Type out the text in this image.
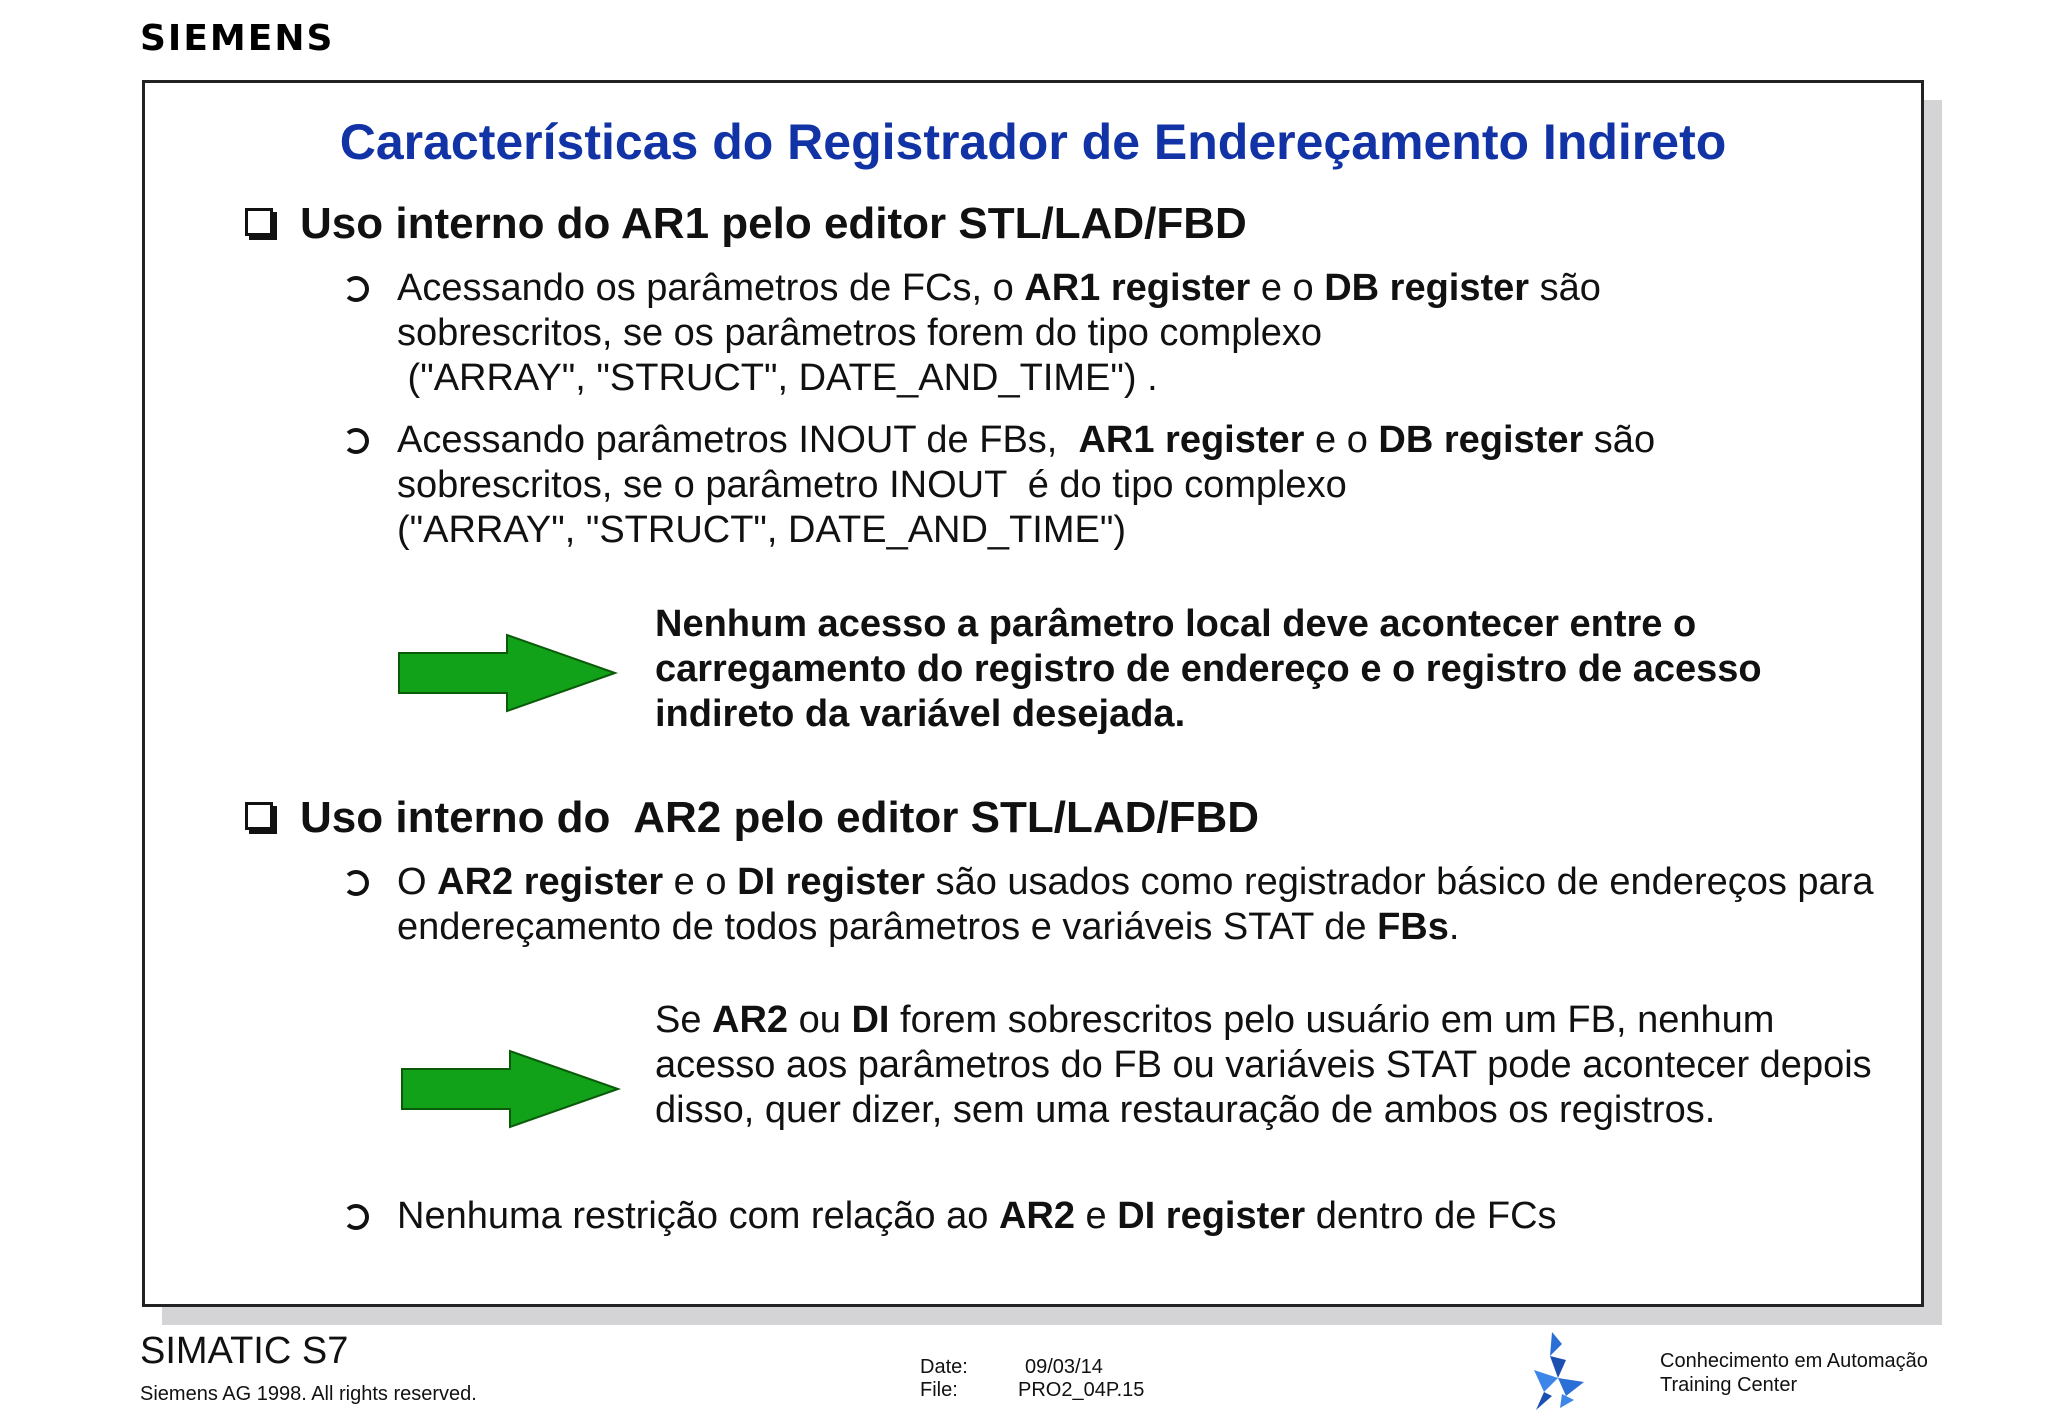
SIEMENS
Características do Registrador de Endereçamento Indireto
Uso interno do AR1 pelo editor STL/LAD/FBD
Acessando os parâmetros de FCs, o AR1 register e o DB register são sobrescritos, se os parâmetros forem do tipo complexo
("ARRAY", "STRUCT", DATE_AND_TIME") .
Acessando parâmetros INOUT de FBs,  AR1 register e o DB register são sobrescritos, se o parâmetro INOUT  é do tipo complexo
("ARRAY", "STRUCT", DATE_AND_TIME")
Nenhum acesso a parâmetro local deve acontecer entre o carregamento do registro de endereço e o registro de acesso indireto da variável desejada.
Uso interno do  AR2 pelo editor STL/LAD/FBD
O AR2 register e o DI register são usados como registrador básico de endereços para endereçamento de todos parâmetros e variáveis STAT de FBs.
Se AR2 ou DI forem sobrescritos pelo usuário em um FB, nenhum acesso aos parâmetros do FB ou variáveis STAT pode acontecer depois disso, quer dizer, sem uma restauração de ambos os registros.
Nenhuma restrição com relação ao AR2 e DI register dentro de FCs
SIMATIC S7
Siemens AG 1998. All rights reserved.
Date:	09/03/14
File:	PRO2_04P.15
Conhecimento em Automação
Training Center
